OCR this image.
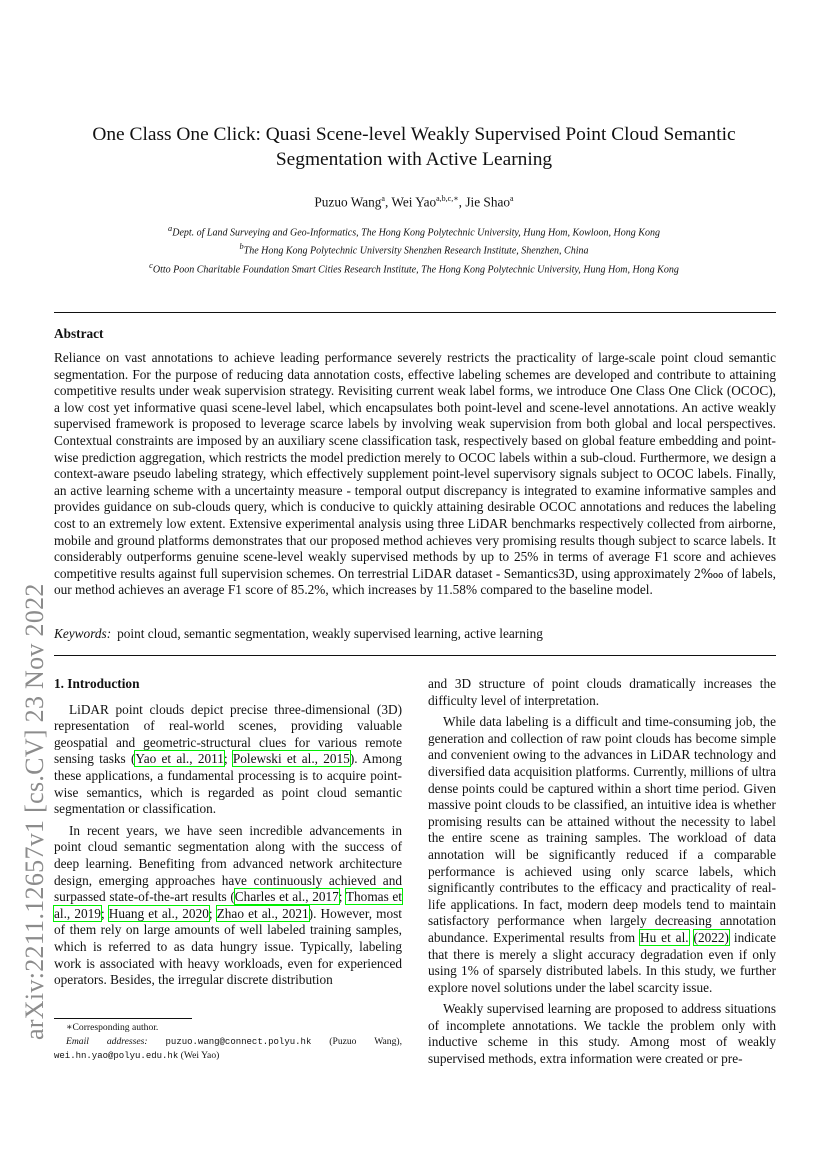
arXiv:2211.12657v1 [cs.CV] 23 Nov 2022
One Class One Click: Quasi Scene-level Weakly Supervised Point Cloud Semantic
Segmentation with Active Learning
Puzuo Wang$^a$, Wei Yao$^{a,b,c,∗}$, Jie Shao$^a$
$^a$Dept. of Land Surveying and Geo-Informatics, The Hong Kong Polytechnic University, Hung Hom, Kowloon, Hong Kong
$^b$The Hong Kong Polytechnic University Shenzhen Research Institute, Shenzhen, China
$^c$Otto Poon Charitable Foundation Smart Cities Research Institute, The Hong Kong Polytechnic University, Hung Hom, Hong Kong
Abstract
Reliance on vast annotations to achieve leading performance severely restricts the practicality of large-scale point cloud semantic segmentation. For the purpose of reducing data annotation costs, effective labeling schemes are developed and contribute to attaining competitive results under weak supervision strategy. Revisiting current weak label forms, we introduce One Class One Click (OCOC), a low cost yet informative quasi scene-level label, which encapsulates both point-level and scene-level annotations. An active weakly supervised framework is proposed to leverage scarce labels by involving weak supervision from both global and local perspectives. Contextual constraints are imposed by an auxiliary scene classification task, respectively based on global feature embedding and point-wise prediction aggregation, which restricts the model prediction merely to OCOC labels within a sub-cloud. Furthermore, we design a context-aware pseudo labeling strategy, which effectively supplement point-level supervisory signals subject to OCOC labels. Finally, an active learning scheme with a uncertainty measure - temporal output discrepancy is integrated to examine informative samples and provides guidance on sub-clouds query, which is conducive to quickly attaining desirable OCOC annotations and reduces the labeling cost to an extremely low extent. Extensive experimental analysis using three LiDAR benchmarks respectively collected from airborne, mobile and ground platforms demonstrates that our proposed method achieves very promising results though subject to scarce labels. It considerably outperforms genuine scene-level weakly supervised methods by up to 25% in terms of average F1 score and achieves competitive results against full supervision schemes. On terrestrial LiDAR dataset - Semantics3D, using approximately 2‱ of labels, our method achieves an average F1 score of 85.2%, which increases by 11.58% compared to the baseline model.
Keywords: point cloud, semantic segmentation, weakly supervised learning, active learning
1. Introduction

LiDAR point clouds depict precise three-dimensional (3D) representation of real-world scenes, providing valuable geospatial and geometric-structural clues for various remote sensing tasks (Yao et al., 2011; Polewski et al., 2015). Among these applications, a fundamental processing is to acquire point-wise semantics, which is regarded as point cloud semantic segmentation or classification.

In recent years, we have seen incredible advancements in point cloud semantic segmentation along with the success of deep learning. Benefiting from advanced network architecture design, emerging approaches have continuously achieved and surpassed state-of-the-art results (Charles et al., 2017; Thomas et al., 2019; Huang et al., 2020; Zhao et al., 2021). However, most of them rely on large amounts of well labeled training samples, which is referred to as data hungry issue. Typically, labeling work is associated with heavy workloads, even for experienced operators. Besides, the irregular discrete distribution

and 3D structure of point clouds dramatically increases the difficulty level of interpretation.

While data labeling is a difficult and time-consuming job, the generation and collection of raw point clouds has become simple and convenient owing to the advances in LiDAR technology and diversified data acquisition platforms. Currently, millions of ultra dense points could be captured within a short time period. Given massive point clouds to be classified, an intuitive idea is whether promising results can be attained without the necessity to label the entire scene as training samples. The workload of data annotation will be significantly reduced if a comparable performance is achieved using only scarce labels, which significantly contributes to the efficacy and practicality of real-life applications. In fact, modern deep models tend to maintain satisfactory performance when largely decreasing annotation abundance. Experimental results from Hu et al. (2022) indicate that there is merely a slight accuracy degradation even if only using 1% of sparsely distributed labels. In this study, we further explore novel solutions under the label scarcity issue.

Weakly supervised learning are proposed to address situations of incomplete annotations. We tackle the problem only with inductive scheme in this study. Among most of weakly supervised methods, extra information were created or pre-

∗Corresponding author.
Email addresses: puzuo.wang@connect.polyu.hk (Puzuo Wang), wei.hn.yao@polyu.edu.hk (Wei Yao)
